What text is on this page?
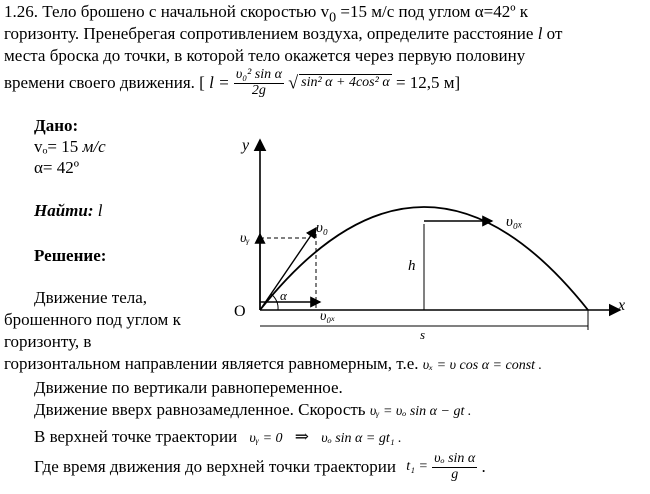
1.26. Тело брошено с начальной скоростью $v_0 =15$ м/с под углом α=42º к
горизонту. Пренебрегая сопротивлением воздуха, определите расстояние l от
места броска до точки, в которой тело окажется через первую половину
времени своего движения. [ $l = \frac{\text{υ₀² sin α}}{2g}$ √ sin² α + 4cos² α = 12,5 м]
Дано:
vₒ= 15 м/с
α= 42º
Найти: l
Решение:
Движение тела,
брошенного под углом к
горизонту, в
горизонтальном направлении является равномерным, т.е. υₓ = υ cos α = const .
Движение по вертикали равнопеременное.
Движение вверх равнозамедленное. Скорость υᵧ = υₒ sin α − gt .
В верхней точке траектории υᵧ = 0 ⇒ υₒ sin α = gt₁ .
Где время движения до верхней точки траектории $t_1 = \frac{\text{υₒ sin α}}{g}$ .
y
x
O
υ₀	υ₀ₓ
υ₀ₓ
υᵧ
α
h
s
